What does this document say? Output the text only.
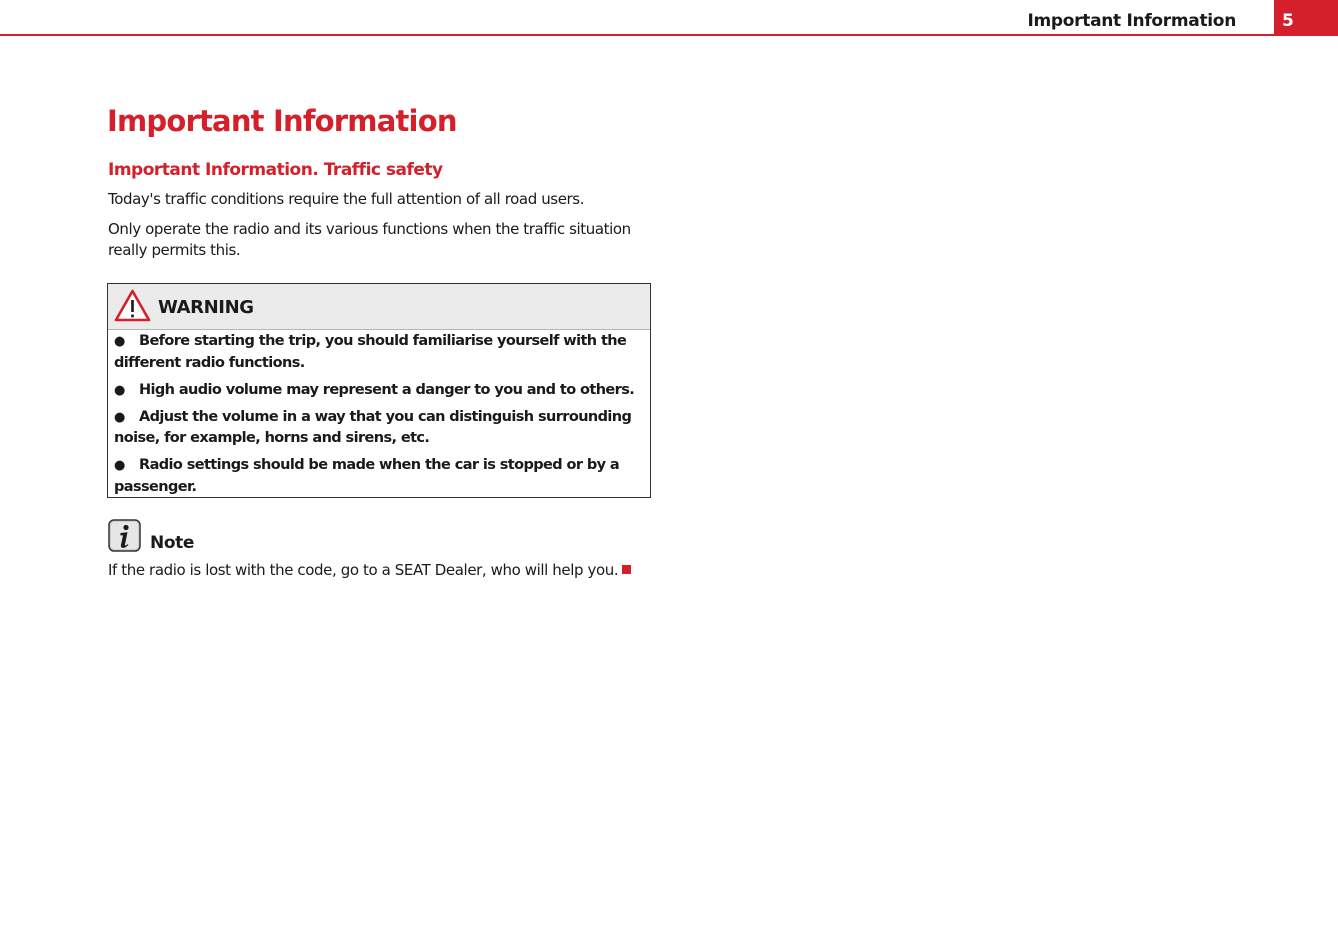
Important Information	5
Important Information
Important Information. Traffic safety
Today's traffic conditions require the full attention of all road users.
Only operate the radio and its various functions when the traffic situation really permits this.
WARNING
● Before starting the trip, you should familiarise yourself with the different radio functions.
● High audio volume may represent a danger to you and to others.
● Adjust the volume in a way that you can distinguish surrounding noise, for example, horns and sirens, etc.
● Radio settings should be made when the car is stopped or by a passenger.
Note
If the radio is lost with the code, go to a SEAT Dealer, who will help you.
